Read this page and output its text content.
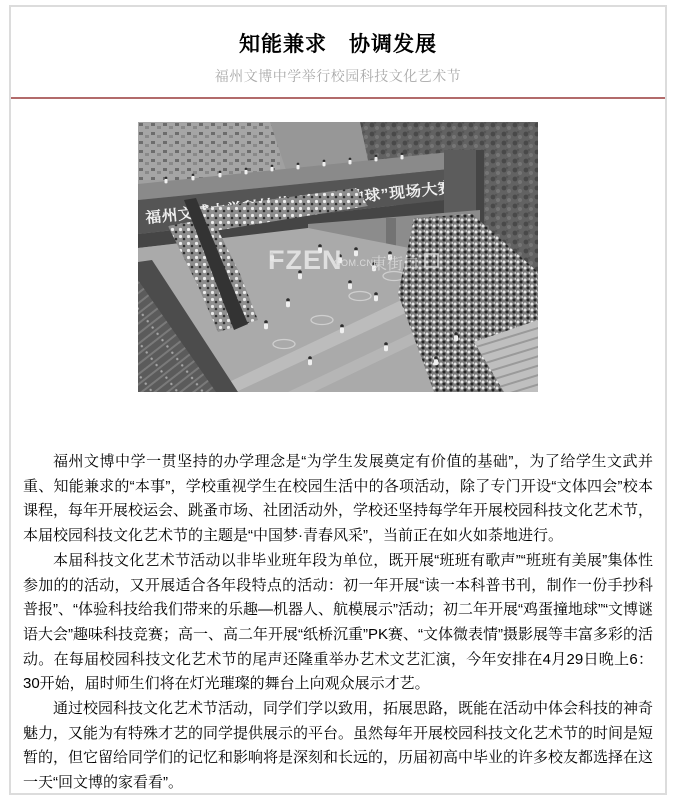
知能兼求　协调发展
福州文博中学举行校园科技文化艺术节
FZEN
COM.CN
東街口

福州文博中学一贯坚持的办学理念是“为学生发展奠定有价值的基础”，为了给学生文武并重、知能兼求的“本事”，学校重视学生在校园生活中的各项活动，除了专门开设“文体四会”校本课程，每年开展校运会、跳蚤市场、社团活动外，学校还坚持每学年开展校园科技文化艺术节，本届校园科技文化艺术节的主题是“中国梦·青春风采”，当前正在如火如荼地进行。

本届科技文化艺术节活动以非毕业班年段为单位，既开展“班班有歌声”“班班有美展”集体性参加的的活动，又开展适合各年段特点的活动：初一年开展“读一本科普书刊，制作一份手抄科普报”、“体验科技给我们带来的乐趣—机器人、航模展示”活动；初二年开展“鸡蛋撞地球”“文博谜语大会”趣味科技竞赛；高一、高二年开展“纸桥沉重”PK赛、“文体微表情”摄影展等丰富多彩的活动。在每届校园科技文化艺术节的尾声还隆重举办艺术文艺汇演，今年安排在4月29日晚上6：30开始，届时师生们将在灯光璀璨的舞台上向观众展示才艺。

通过校园科技文化艺术节活动，同学们学以致用，拓展思路，既能在活动中体会科技的神奇魅力，又能为有特殊才艺的同学提供展示的平台。虽然每年开展校园科技文化艺术节的时间是短暂的，但它留给同学们的记忆和影响将是深刻和长远的，历届初高中毕业的许多校友都选择在这一天“回文博的家看看”。
